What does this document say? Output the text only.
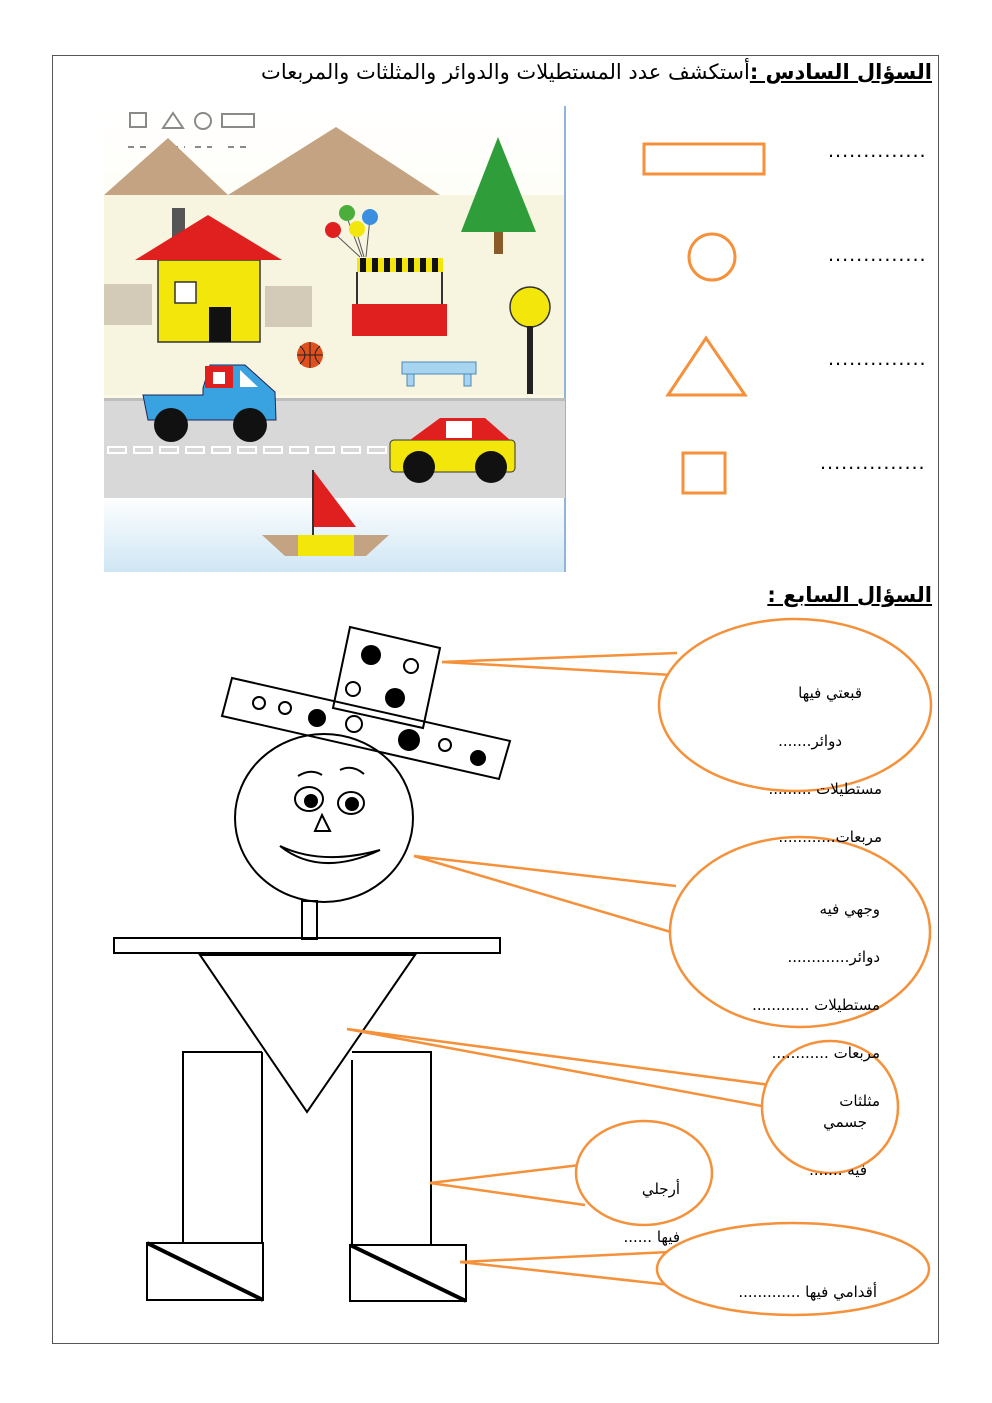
السؤال السادس :أستكشف عدد المستطيلات والدوائر والمثلثات والمربعات
..............
..............
..............
...............
السؤال السابع :

قبعتي فيها

دوائر.......

مستطيلات .........

مربعات............

وجهي فيه

دوائر.............

مستطيلات ............

مربعات ............

مثلثات

جسمي

فيه .......

أرجلي

فيها ......

أقدامي فيها .............
